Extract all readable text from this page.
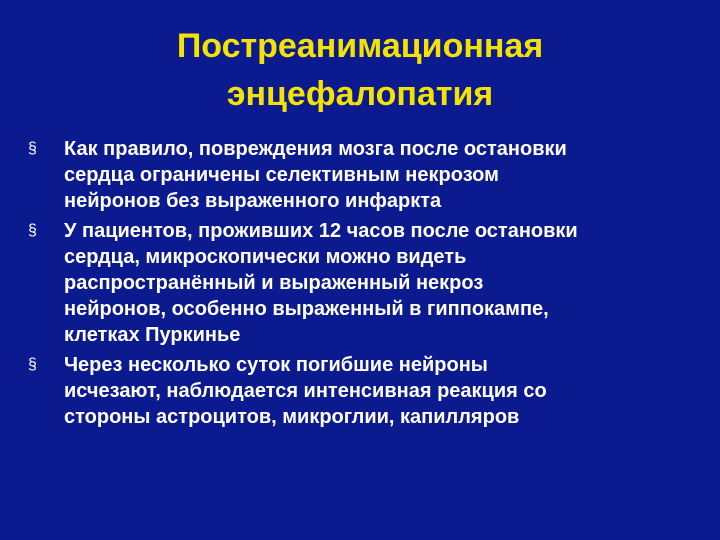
Постреанимационная
энцефалопатия
§ Как правило, повреждения мозга после остановки
сердца ограничены селективным некрозом
нейронов без выраженного инфаркта
§ У пациентов, проживших 12 часов после остановки
сердца, микроскопически можно видеть
распространённый и выраженный некроз
нейронов, особенно выраженный в гиппокампе,
клетках Пуркинье
§ Через несколько суток погибшие нейроны
исчезают, наблюдается интенсивная реакция со
стороны астроцитов, микроглии, капилляров
